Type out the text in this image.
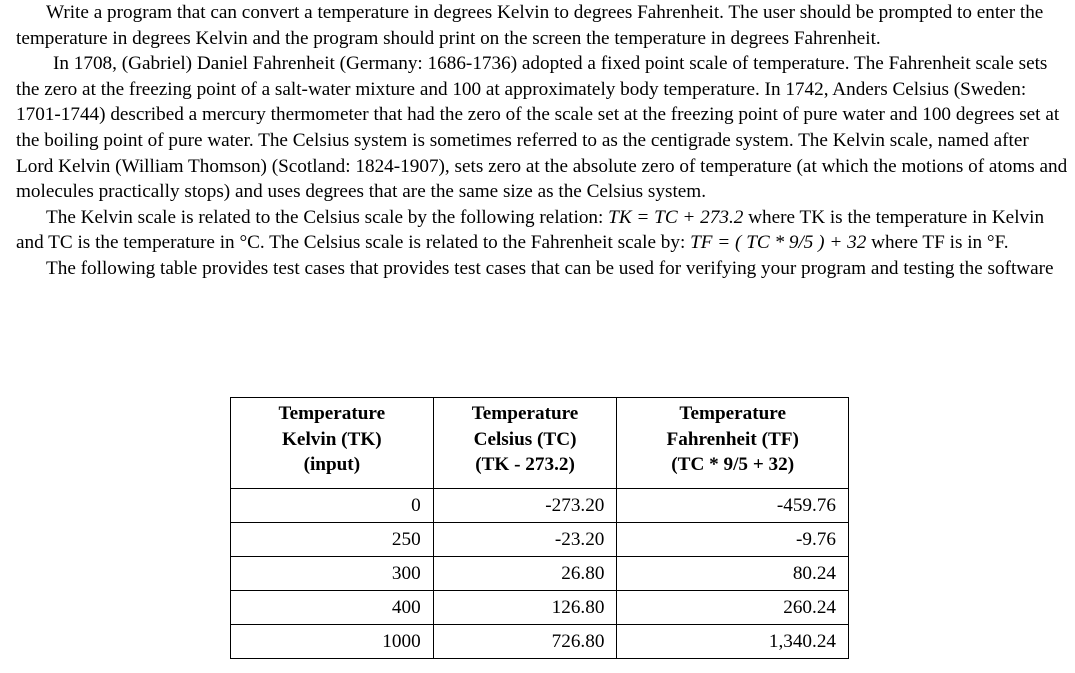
Write a program that can convert a temperature in degrees Kelvin to degrees Fahrenheit. The user should be prompted to enter the temperature in degrees Kelvin and the program should print on the screen the temperature in degrees Fahrenheit.

In 1708, (Gabriel) Daniel Fahrenheit (Germany: 1686-1736) adopted a fixed point scale of temperature. The Fahrenheit scale sets the zero at the freezing point of a salt-water mixture and 100 at approximately body temperature. In 1742, Anders Celsius (Sweden: 1701-1744) described a mercury thermometer that had the zero of the scale set at the freezing point of pure water and 100 degrees set at the boiling point of pure water. The Celsius system is sometimes referred to as the centigrade system. The Kelvin scale, named after Lord Kelvin (William Thomson) (Scotland: 1824-1907), sets zero at the absolute zero of temperature (at which the motions of atoms and molecules practically stops) and uses degrees that are the same size as the Celsius system.

The Kelvin scale is related to the Celsius scale by the following relation: TK = TC + 273.2 where TK is the temperature in Kelvin and TC is the temperature in °C. The Celsius scale is related to the Fahrenheit scale by: TF = ( TC * 9/5 ) + 32 where TF is in °F.

The following table provides test cases that provides test cases that can be used for verifying your program and testing the software

Temperature
Kelvin (TK)
(input)	Temperature
Celsius (TC)
(TK - 273.2)	Temperature
Fahrenheit (TF)
(TC * 9/5 + 32)

0	-273.20	-459.76
250	-23.20	-9.76
300	26.80	80.24
400	126.80	260.24
1000	726.80	1,340.24
